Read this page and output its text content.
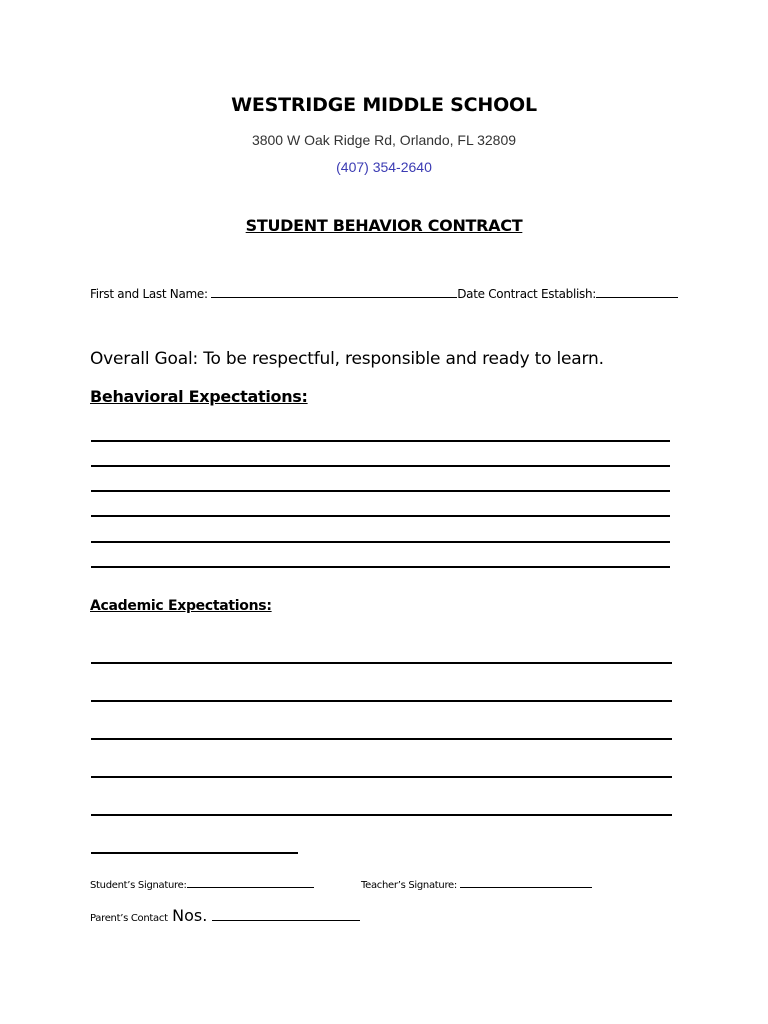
WESTRIDGE MIDDLE SCHOOL
3800 W Oak Ridge Rd, Orlando, FL 32809
(407) 354-2640
STUDENT BEHAVIOR CONTRACT
First and Last Name:	Date Contract Establish:
Overall Goal: To be respectful, responsible and ready to learn.
Behavioral Expectations:
Academic Expectations:
Student’s Signature:	Teacher’s Signature:
Parent’s Contact Nos.
